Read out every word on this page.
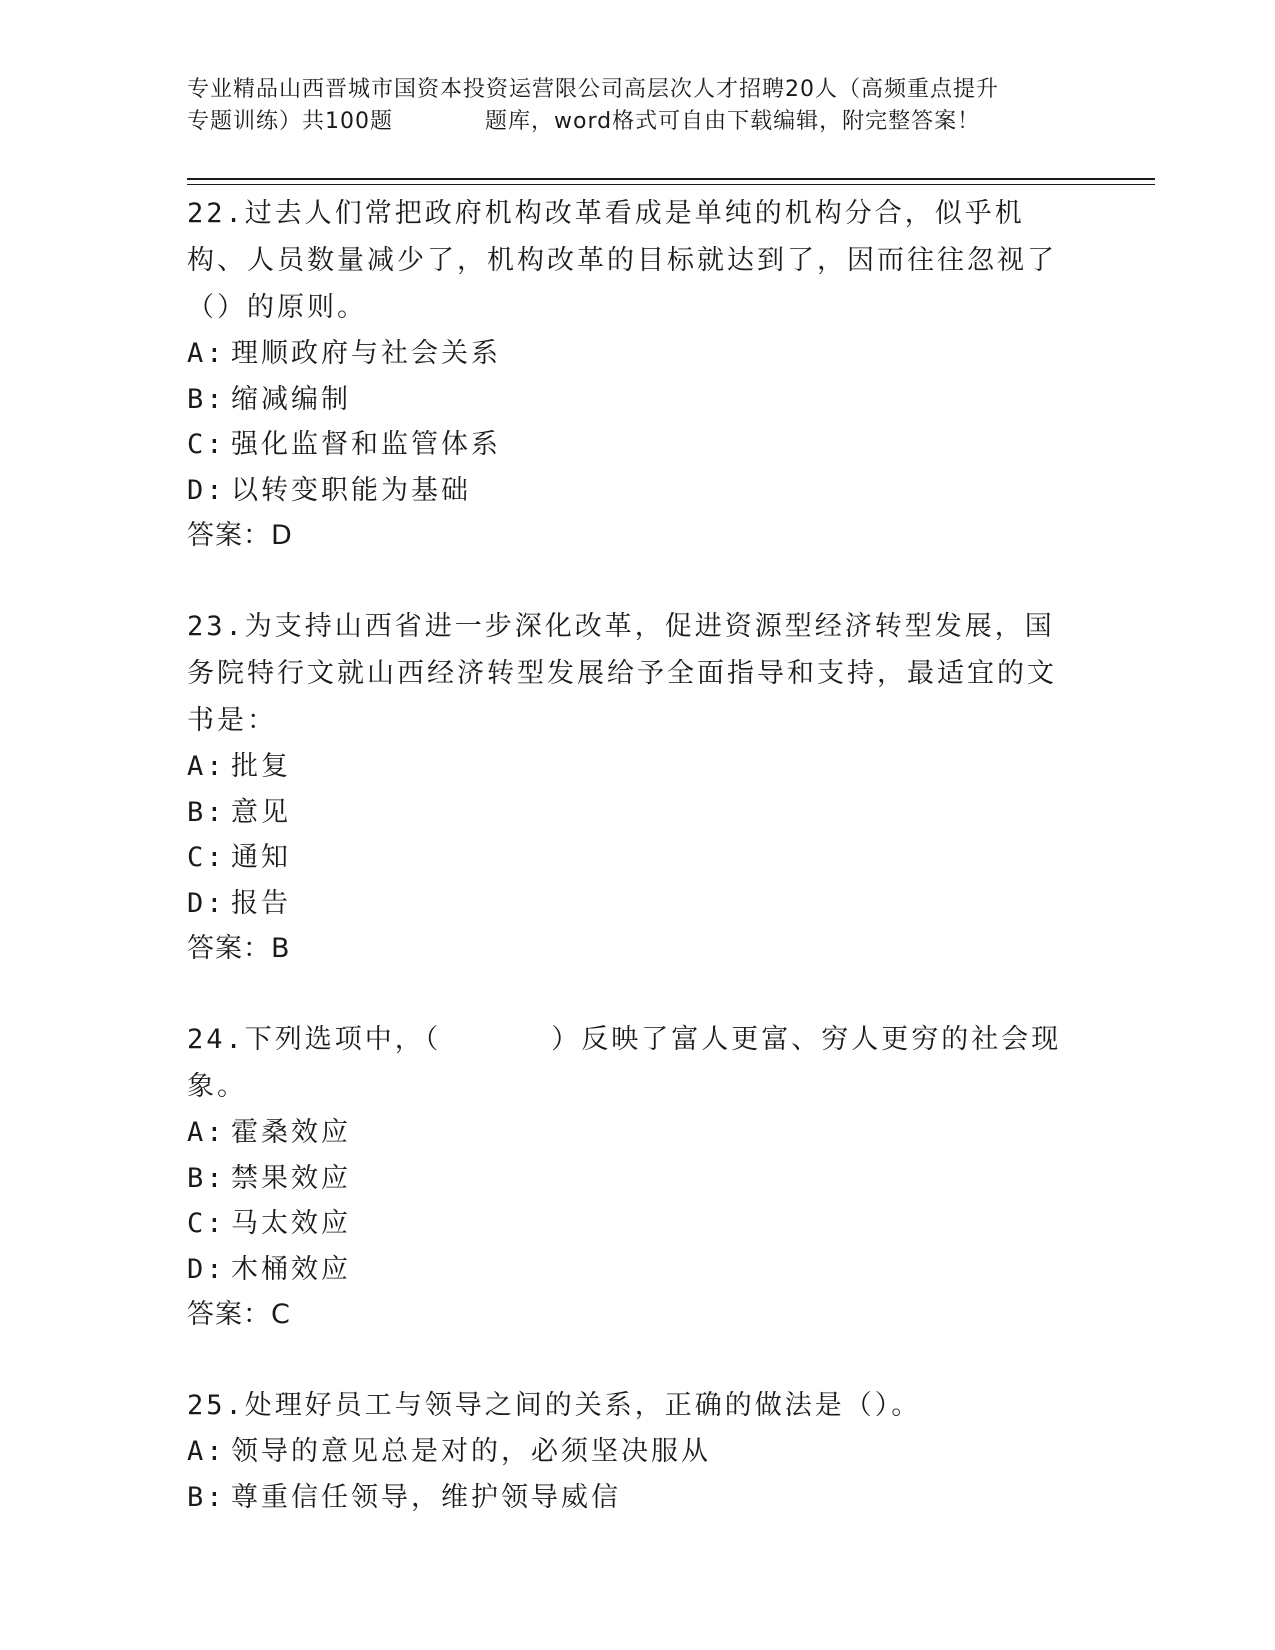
专业精品山西晋城市国资本投资运营限公司高层次人才招聘20人（高频重点提升
专题训练）共100题	题库，word格式可自由下载编辑，附完整答案！
22.过去人们常把政府机构改革看成是单纯的机构分合，似乎机构、人员数量减少了，机构改革的目标就达到了，因而往往忽视了（）的原则。
A: 理顺政府与社会关系
B: 缩减编制
C: 强化监督和监管体系
D: 以转变职能为基础
答案：D
23.为支持山西省进一步深化改革，促进资源型经济转型发展，国务院特行文就山西经济转型发展给予全面指导和支持，最适宜的文书是：
A: 批复
B: 意见
C: 通知
D: 报告
答案：B
24.下列选项中，（	）反映了富人更富、穷人更穷的社会现象。
A: 霍桑效应
B: 禁果效应
C: 马太效应
D: 木桶效应
答案：C
25.处理好员工与领导之间的关系，正确的做法是（）。
A: 领导的意见总是对的，必须坚决服从
B: 尊重信任领导，维护领导威信
